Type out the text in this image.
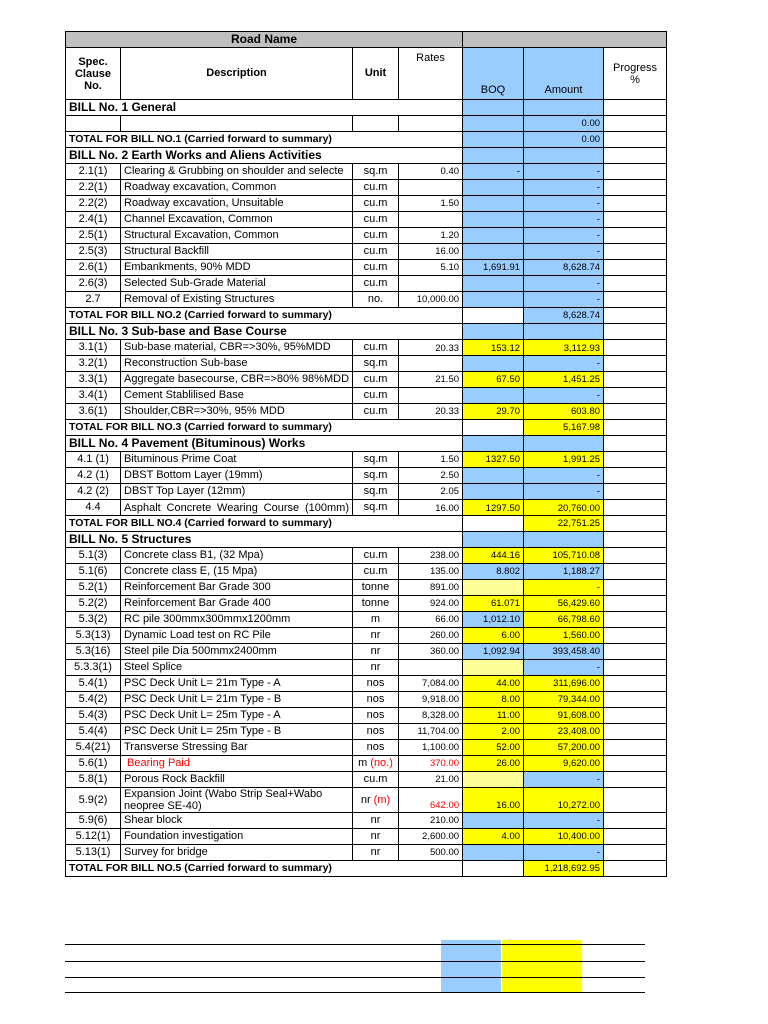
Road Name						
Spec. Clause No.	Description	Unit	Rates	BOQ	Amount	Progress %
BILL No. 1 General						
					0.00	
TOTAL FOR BILL NO.1 (Carried forward to summary)					0.00	
BILL No. 2 Earth Works and Aliens Activities						
2.1(1)	Clearing & Grubbing on shoulder and selecte	sq.m	0.40	-	-	
2.2(1)	Roadway excavation, Common	cu.m			-	
2.2(2)	Roadway excavation, Unsuitable	cu.m	1.50		-	
2.4(1)	Channel Excavation, Common	cu.m			-	
2.5(1)	Structural Excavation, Common	cu.m	1.20		-	
2.5(3)	Structural Backfill	cu.m	16.00		-	
2.6(1)	Embankments, 90% MDD	cu.m	5.10	1,691.91	8,628.74	
2.6(3)	Selected Sub-Grade Material	cu.m			-	
2.7	Removal of Existing Structures	no.	10,000.00		-	
TOTAL FOR BILL NO.2 (Carried forward to summary)					8,628.74	
BILL No. 3 Sub-base and Base Course						
3.1(1)	Sub-base material, CBR=>30%, 95%MDD	cu.m	20.33	153.12	3,112.93	
3.2(1)	Reconstruction Sub-base	sq.m			-	
3.3(1)	Aggregate basecourse, CBR=>80% 98%MDD	cu.m	21.50	67.50	1,451.25	
3.4(1)	Cement Stablilised Base	cu.m			-	
3.6(1)	Shoulder,CBR=>30%, 95% MDD	cu.m	20.33	29.70	603.80	
TOTAL FOR BILL NO.3 (Carried forward to summary)					5,167.98	
BILL No. 4 Pavement (Bituminous) Works						
4.1 (1)	Bituminous Prime Coat	sq.m	1.50	1327.50	1,991.25	
4.2 (1)	DBST Bottom Layer (19mm)	sq.m	2.50		-	
4.2 (2)	DBST Top Layer (12mm)	sq.m	2.05		-	
4.4	Asphalt Concrete Wearing Course (100mm)	sq.m	16.00	1297.50	20,760.00	
TOTAL FOR BILL NO.4 (Carried forward to summary)					22,751.25	
BILL No. 5 Structures						
5.1(3)	Concrete class B1, (32 Mpa)	cu.m	238.00	444.16	105,710.08	
5.1(6)	Concrete class E, (15 Mpa)	cu.m	135.00	8.802	1,188.27	
5.2(1)	Reinforcement Bar Grade 300	tonne	891.00		-	
5.2(2)	Reinforcement Bar Grade 400	tonne	924.00	61.071	56,429.60	
5.3(2)	RC pile 300mmx300mmx1200mm	m	66.00	1,012.10	66,798.60	
5.3(13)	Dynamic Load test on RC Pile	nr	260.00	6.00	1,560.00	
5.3(16)	Steel pile Dia 500mmx2400mm	nr	360.00	1,092.94	393,458.40	
5.3.3(1)	Steel Splice	nr			-	
5.4(1)	PSC Deck Unit L= 21m Type - A	nos	7,084.00	44.00	311,696.00	
5.4(2)	PSC Deck Unit L= 21m Type - B	nos	9,918.00	8.00	79,344.00	
5.4(3)	PSC Deck Unit L= 25m Type - A	nos	8,328.00	11.00	91,608.00	
5.4(4)	PSC Deck Unit L= 25m Type - B	nos	11,704.00	2.00	23,408.00	
5.4(21)	Transverse Stressing Bar	nos	1,100.00	52.00	57,200.00	
5.6(1)	Bearing Paid	m (no.)	370.00	26.00	9,620.00	
5.8(1)	Porous Rock Backfill	cu.m	21.00		-	
5.9(2)	Expansion Joint (Wabo Strip Seal+Wabo neopree SE-40)	nr (m)	642.00	16.00	10,272.00	
5.9(6)	Shear block	nr	210.00		-	
5.12(1)	Foundation investigation	nr	2,600.00	4.00	10,400.00	
5.13(1)	Survey for bridge	nr	500.00		-	
TOTAL FOR BILL NO.5 (Carried forward to summary)					1,218,692.95	
